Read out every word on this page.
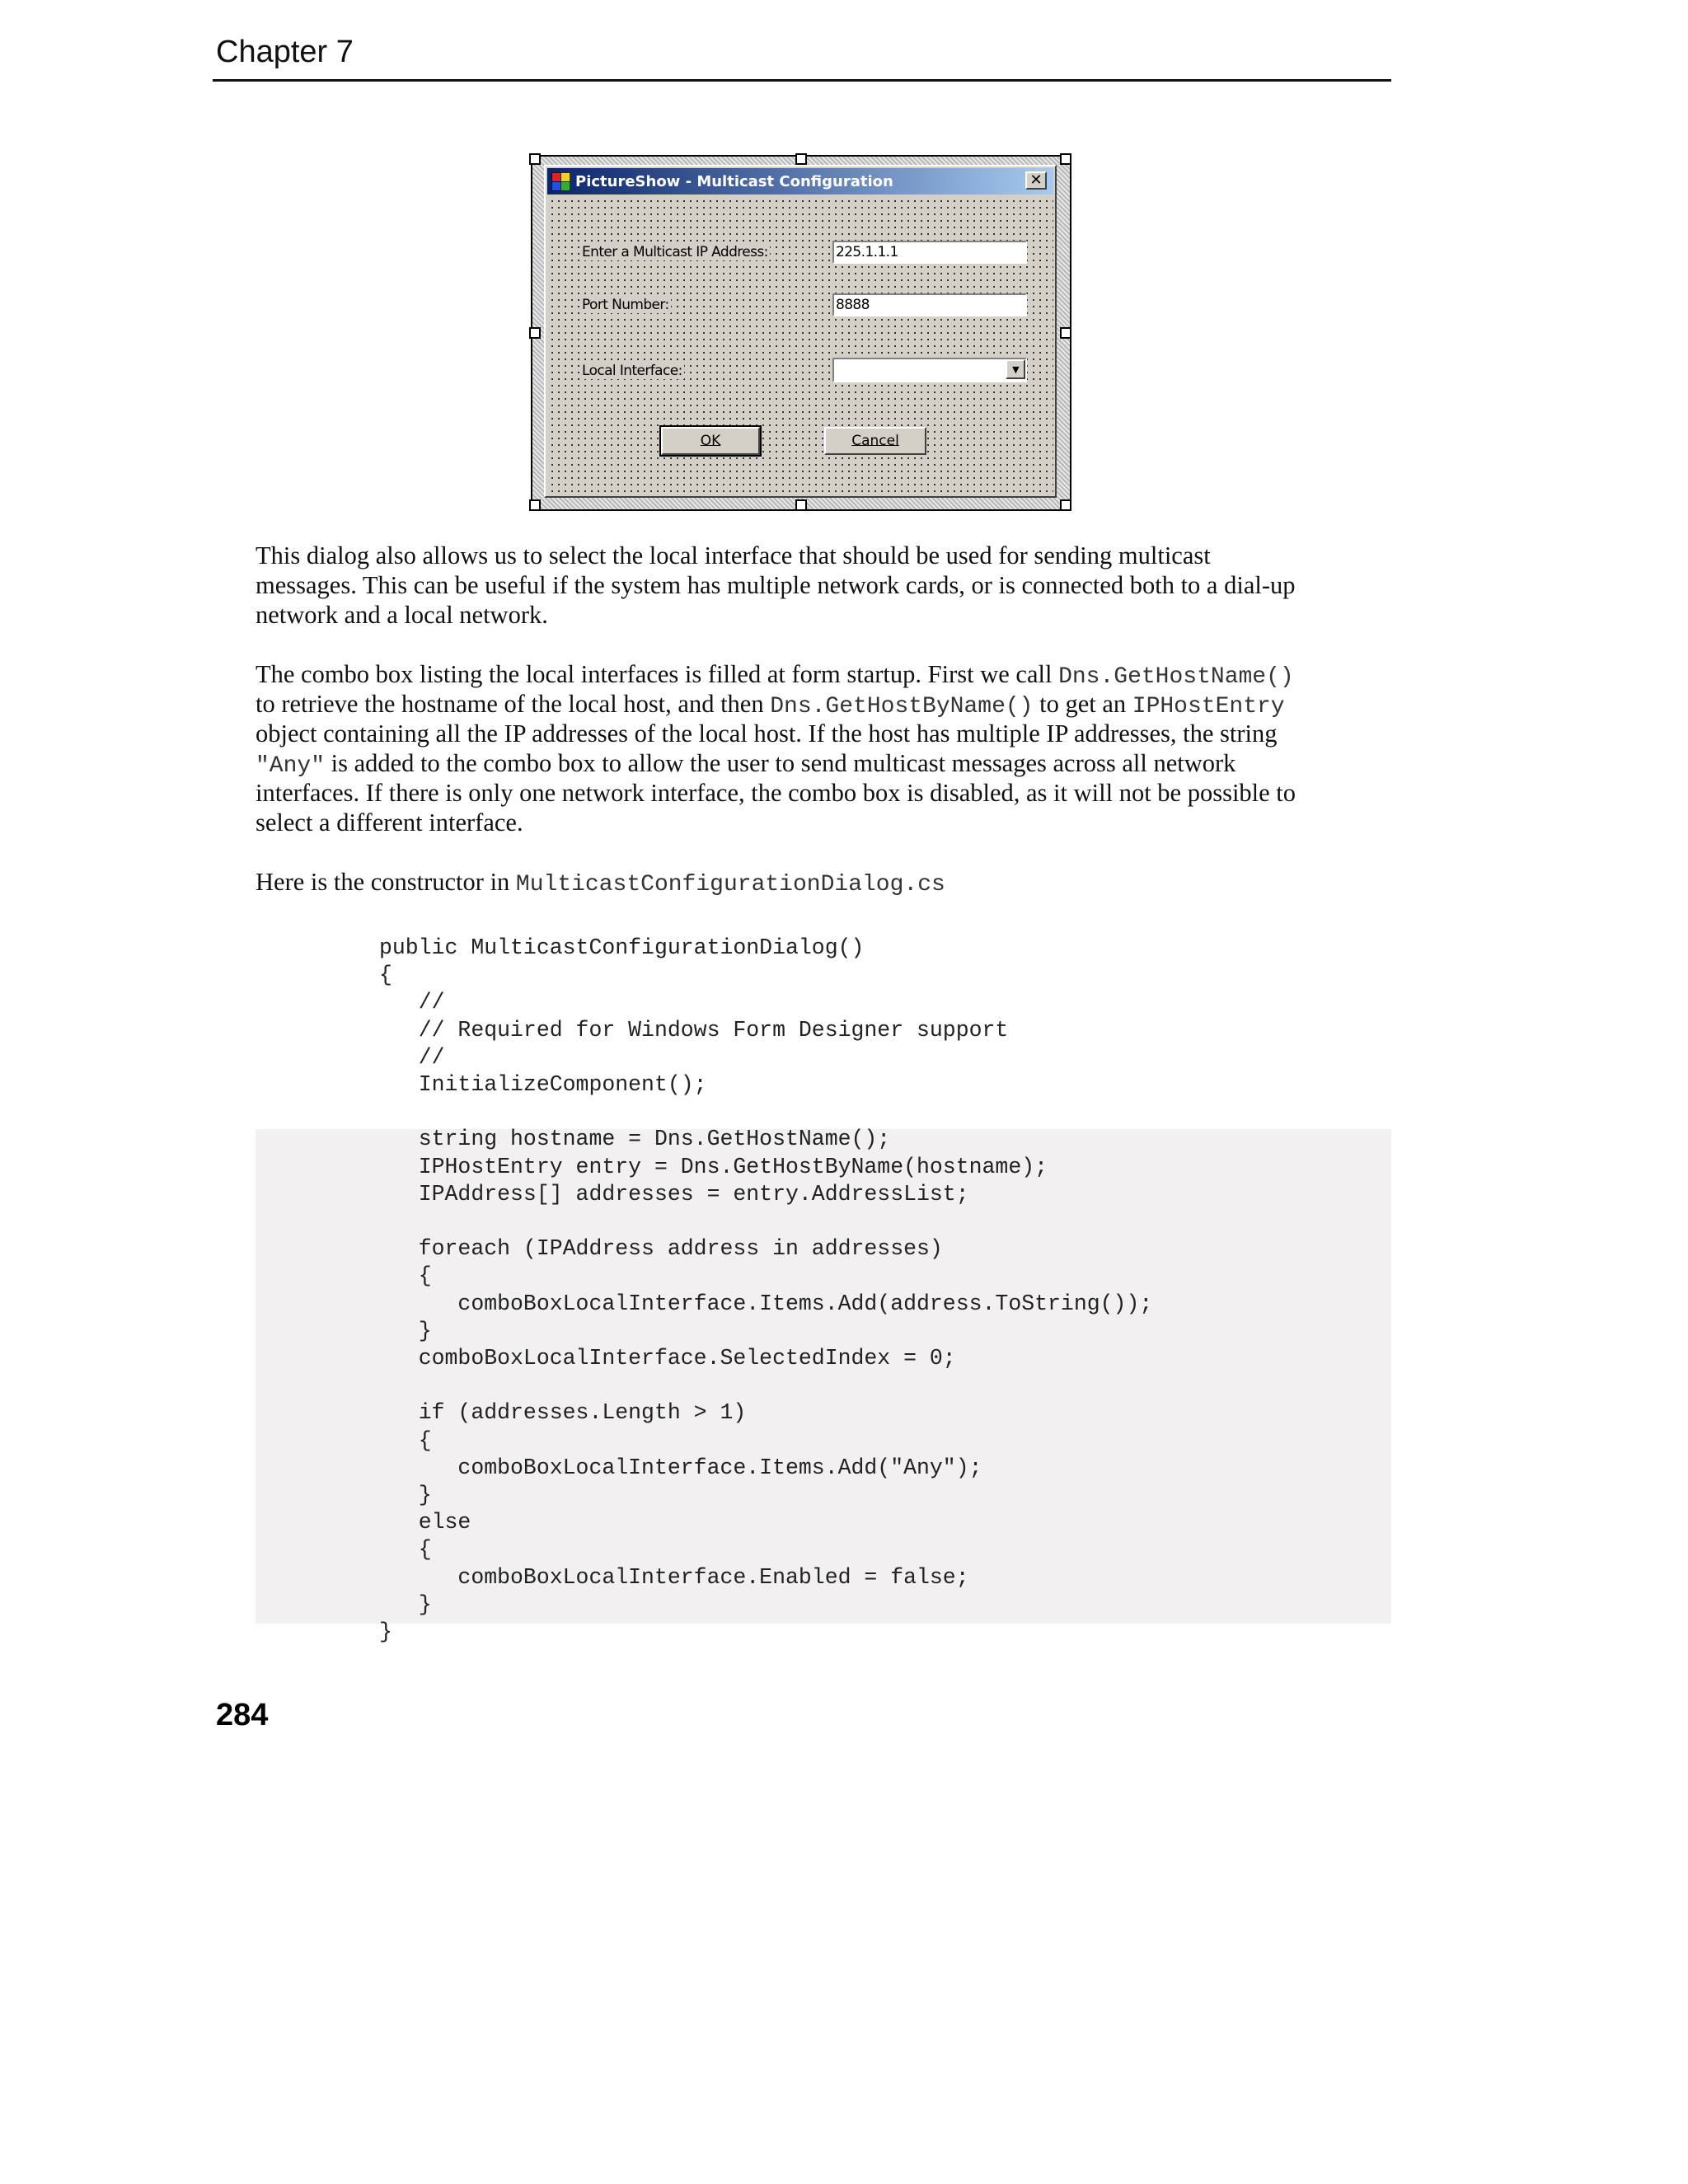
Chapter 7
PictureShow - Multicast Configuration	✕
Enter a Multicast IP Address:	225.1.1.1
Port Number:	8888
Local Interface:	▼
OK	Cancel

This dialog also allows us to select the local interface that should be used for sending multicast

messages. This can be useful if the system has multiple network cards, or is connected both to a dial-up

network and a local network.

The combo box listing the local interfaces is filled at form startup. First we call Dns.GetHostName()

to retrieve the hostname of the local host, and then Dns.GetHostByName() to get an IPHostEntry

object containing all the IP addresses of the local host. If the host has multiple IP addresses, the string

"Any" is added to the combo box to allow the user to send multicast messages across all network

interfaces. If there is only one network interface, the combo box is disabled, as it will not be possible to

select a different interface.

Here is the constructor in MulticastConfigurationDialog.cs

public MulticastConfigurationDialog()
{
//
// Required for Windows Form Designer support
//
InitializeComponent();
string hostname = Dns.GetHostName();
IPHostEntry entry = Dns.GetHostByName(hostname);
IPAddress[] addresses = entry.AddressList;
foreach (IPAddress address in addresses)
{
comboBoxLocalInterface.Items.Add(address.ToString());
}
comboBoxLocalInterface.SelectedIndex = 0;
if (addresses.Length > 1)
{
comboBoxLocalInterface.Items.Add("Any");
}
else
{
comboBoxLocalInterface.Enabled = false;
}
}

284
